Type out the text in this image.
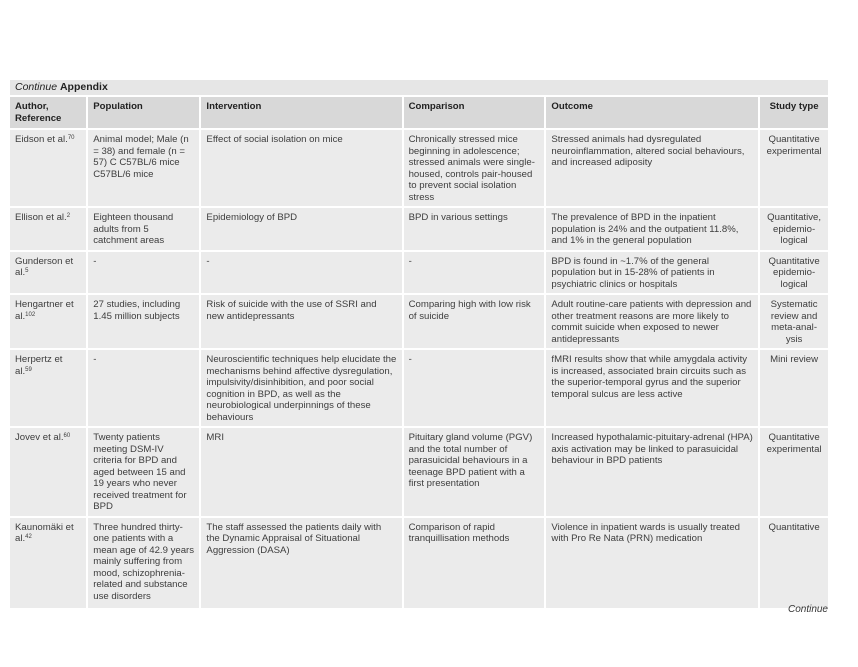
Continue Appendix
Author, Reference	Population	Intervention	Comparison	Outcome	Study type
Eidson et al.$^{70}$	Animal model; Male (n = 38) and female (n = 57) C C57BL/6 mice C57BL/6 mice	Effect of social isolation on mice	Chronically stressed mice beginning in adolescence; stressed animals were single-housed, controls pair-housed to prevent social isolation stress	Stressed animals had dysregulated neuroinflammation, altered social behaviours, and increased adiposity	Quantitative experimental
Ellison et al.$^2$	Eighteen thousand adults from 5 catchment areas	Epidemiology of BPD	BPD in various settings	The prevalence of BPD in the inpatient population is 24% and the outpatient 11.8%, and 1% in the general population	Quantitative, epidemio-logical
Gunderson et al.$^5$	-	-	-	BPD is found in ~1.7% of the general population but in 15-28% of patients in psychiatric clinics or hospitals	Quantitative epidemio-logical
Hengartner et al.$^{102}$	27 studies, including 1.45 million subjects	Risk of suicide with the use of SSRI and new antidepressants	Comparing high with low risk of suicide	Adult routine-care patients with depression and other treatment reasons are more likely to commit suicide when exposed to newer antidepressants	Systematic review and meta-anal-ysis
Herpertz et al.$^{59}$	-	Neuroscientific techniques help elucidate the mechanisms behind affective dysregulation, impulsivity/disinhibition, and poor social cognition in BPD, as well as the neurobiological underpinnings of these behaviours	-	fMRI results show that while amygdala activity is increased, associated brain circuits such as the superior-temporal gyrus and the superior temporal sulcus are less active	Mini review
Jovev et al.$^{60}$	Twenty patients meeting DSM-IV criteria for BPD and aged between 15 and 19 years who never received treatment for BPD	MRI	Pituitary gland volume (PGV) and the total number of parasuicidal behaviours in a teenage BPD patient with a first presentation	Increased hypothalamic-pituitary-adrenal (HPA) axis activation may be linked to parasuicidal behaviour in BPD patients	Quantitative experimental
Kaunomäki et al.$^{42}$	Three hundred thirty-one patients with a mean age of 42.9 years mainly suffering from mood, schizophrenia-related and substance use disorders	The staff assessed the patients daily with the Dynamic Appraisal of Situational Aggression (DASA)	Comparison of rapid tranquillisation methods	Violence in inpatient wards is usually treated with Pro Re Nata (PRN) medication	Quantitative
Continue
